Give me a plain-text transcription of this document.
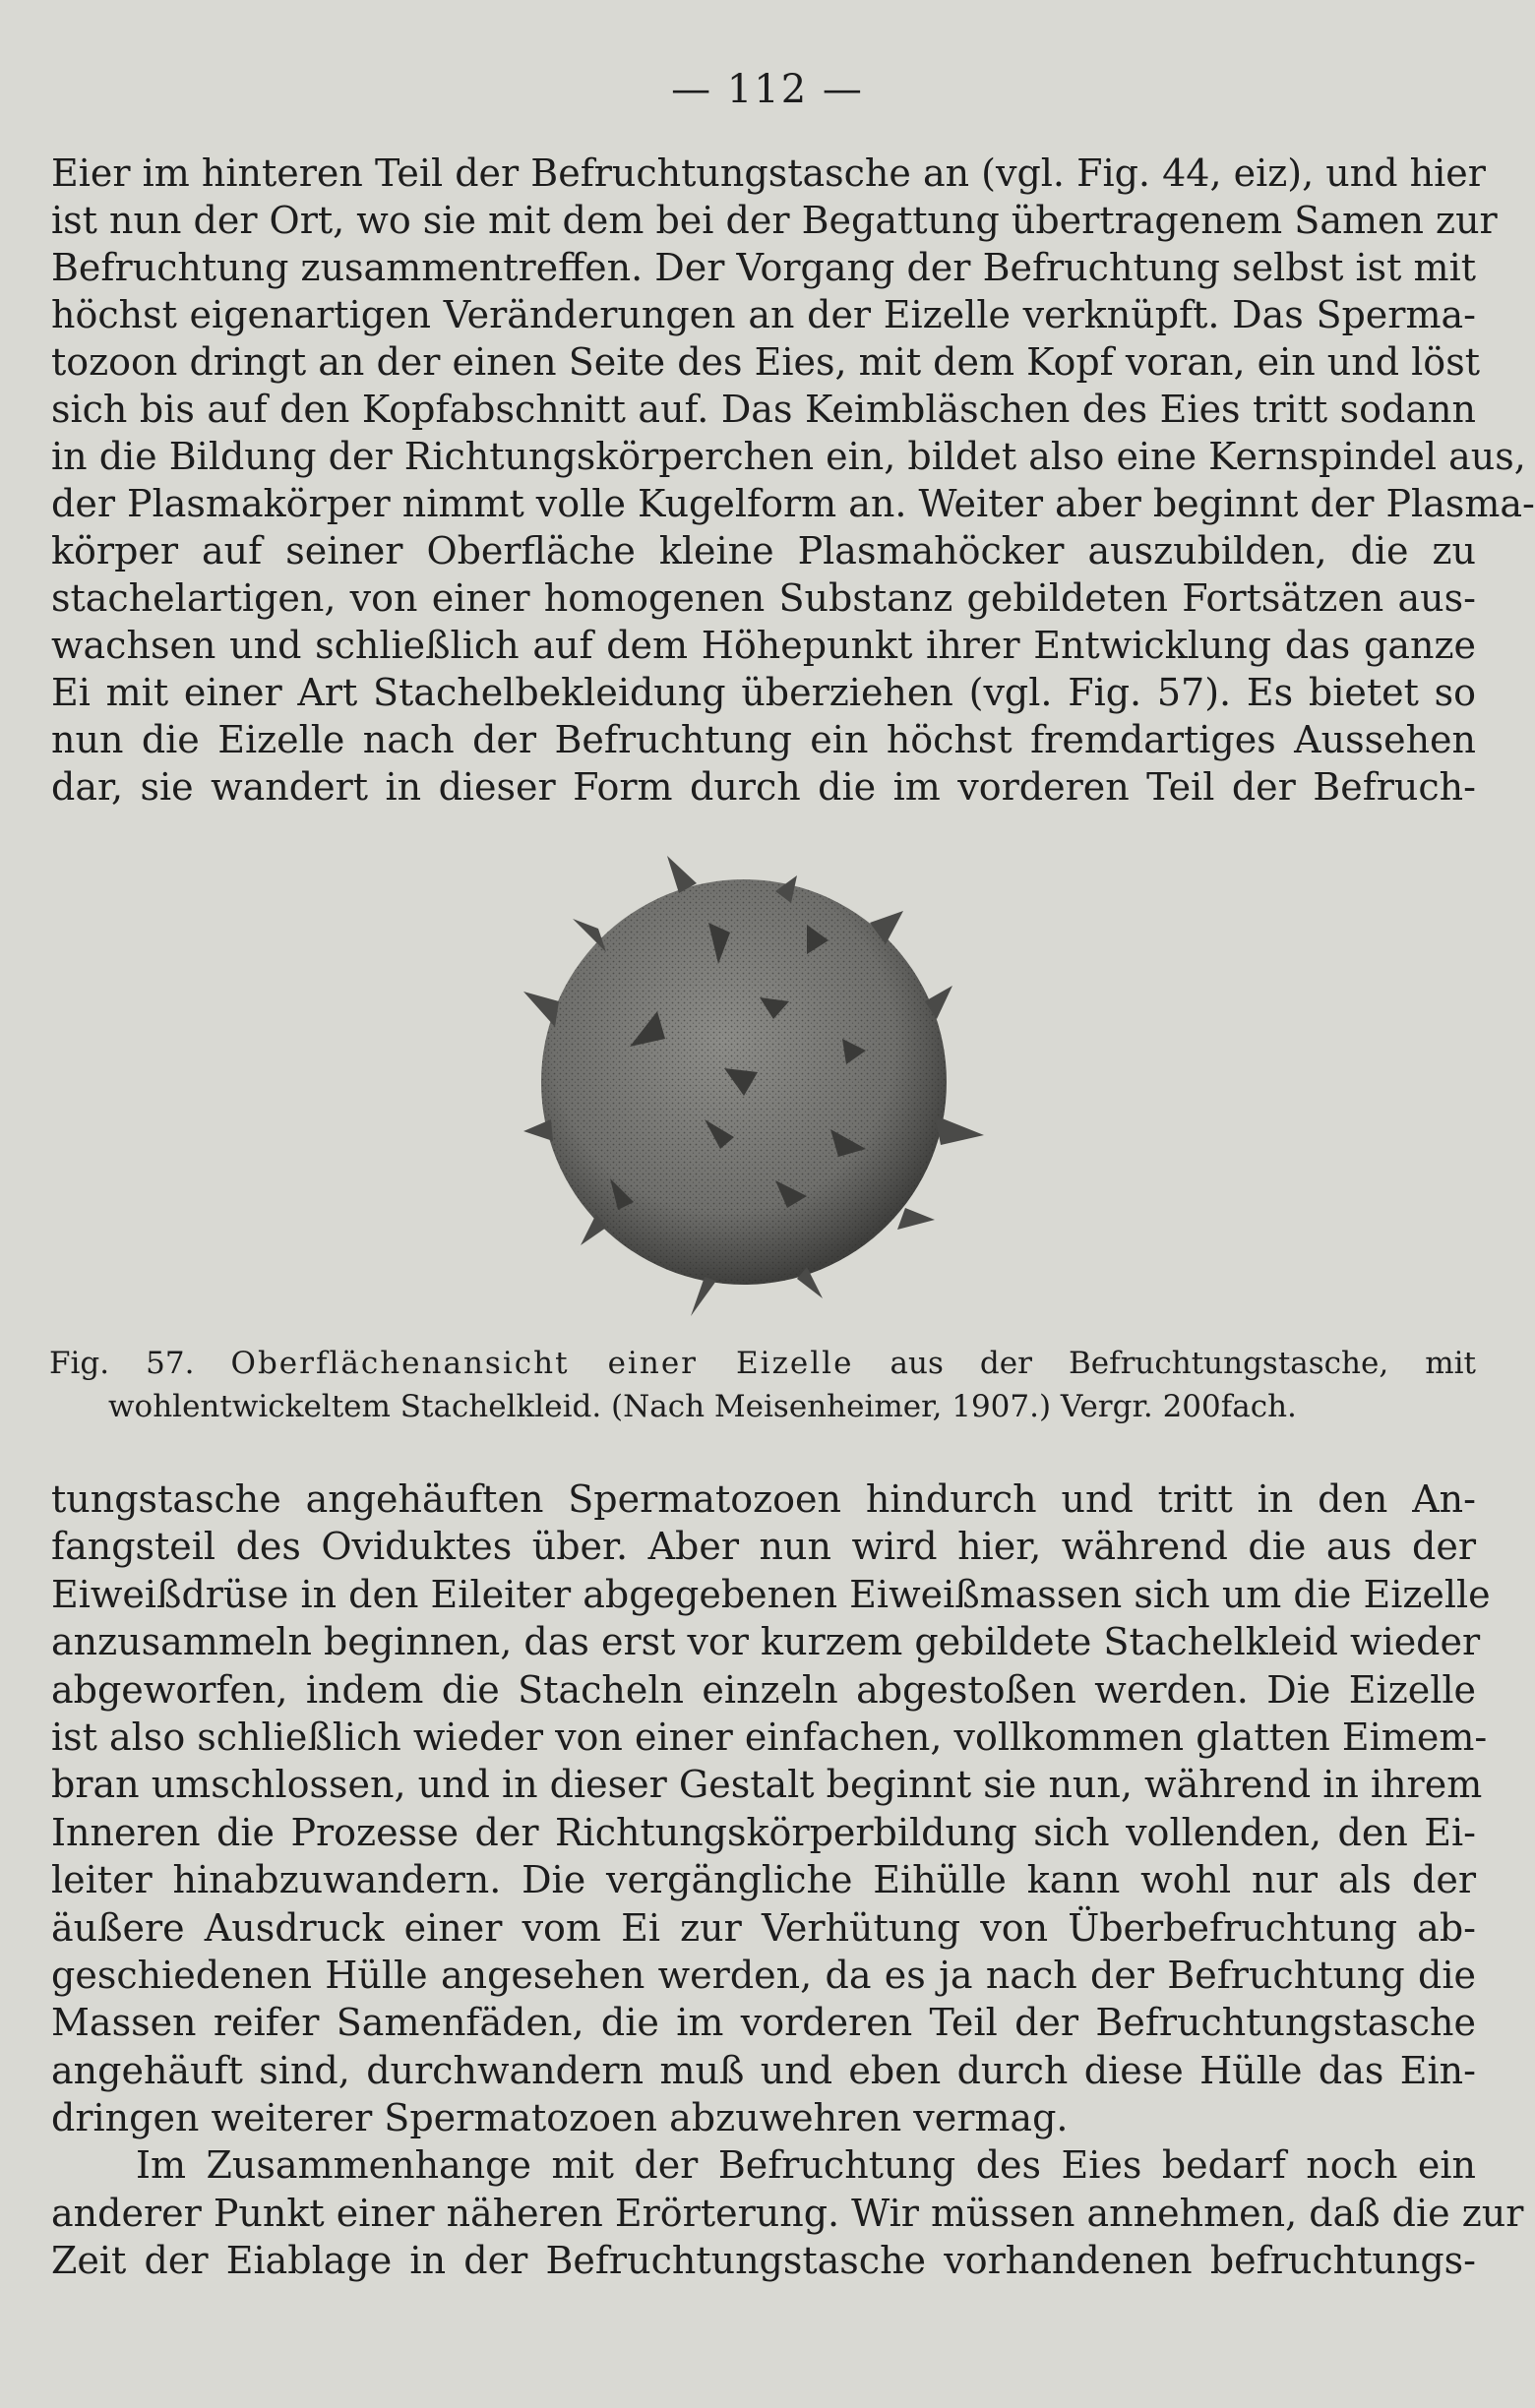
— 112 —
Eier im hinteren Teil der Befruchtungstasche an (vgl. Fig. 44, eiz), und hier
ist nun der Ort, wo sie mit dem bei der Begattung übertragenem Samen zur
Befruchtung zusammentreffen. Der Vorgang der Befruchtung selbst ist mit
höchst eigenartigen Veränderungen an der Eizelle verknüpft. Das Sperma-
tozoon dringt an der einen Seite des Eies, mit dem Kopf voran, ein und löst
sich bis auf den Kopfabschnitt auf. Das Keimbläschen des Eies tritt sodann
in die Bildung der Richtungskörperchen ein, bildet also eine Kernspindel aus,
der Plasmakörper nimmt volle Kugelform an. Weiter aber beginnt der Plasma-
körper auf seiner Oberfläche kleine Plasmahöcker auszubilden, die zu
stachelartigen, von einer homogenen Substanz gebildeten Fortsätzen aus-
wachsen und schließlich auf dem Höhepunkt ihrer Entwicklung das ganze
Ei mit einer Art Stachelbekleidung überziehen (vgl. Fig. 57). Es bietet so
nun die Eizelle nach der Befruchtung ein höchst fremdartiges Aussehen
dar, sie wandert in dieser Form durch die im vorderen Teil der Befruch-
Fig. 57. Oberflächenansicht einer Eizelle aus der Befruchtungstasche, mit
wohlentwickeltem Stachelkleid. (Nach Meisenheimer, 1907.) Vergr. 200fach.
tungstasche angehäuften Spermatozoen hindurch und tritt in den An-
fangsteil des Oviduktes über. Aber nun wird hier, während die aus der
Eiweißdrüse in den Eileiter abgegebenen Eiweißmassen sich um die Eizelle
anzusammeln beginnen, das erst vor kurzem gebildete Stachelkleid wieder
abgeworfen, indem die Stacheln einzeln abgestoßen werden. Die Eizelle
ist also schließlich wieder von einer einfachen, vollkommen glatten Eimem-
bran umschlossen, und in dieser Gestalt beginnt sie nun, während in ihrem
Inneren die Prozesse der Richtungskörperbildung sich vollenden, den Ei-
leiter hinabzuwandern. Die vergängliche Eihülle kann wohl nur als der
äußere Ausdruck einer vom Ei zur Verhütung von Überbefruchtung ab-
geschiedenen Hülle angesehen werden, da es ja nach der Befruchtung die
Massen reifer Samenfäden, die im vorderen Teil der Befruchtungstasche
angehäuft sind, durchwandern muß und eben durch diese Hülle das Ein-
dringen weiterer Spermatozoen abzuwehren vermag.
Im Zusammenhange mit der Befruchtung des Eies bedarf noch ein
anderer Punkt einer näheren Erörterung. Wir müssen annehmen, daß die zur
Zeit der Eiablage in der Befruchtungstasche vorhandenen befruchtungs-
